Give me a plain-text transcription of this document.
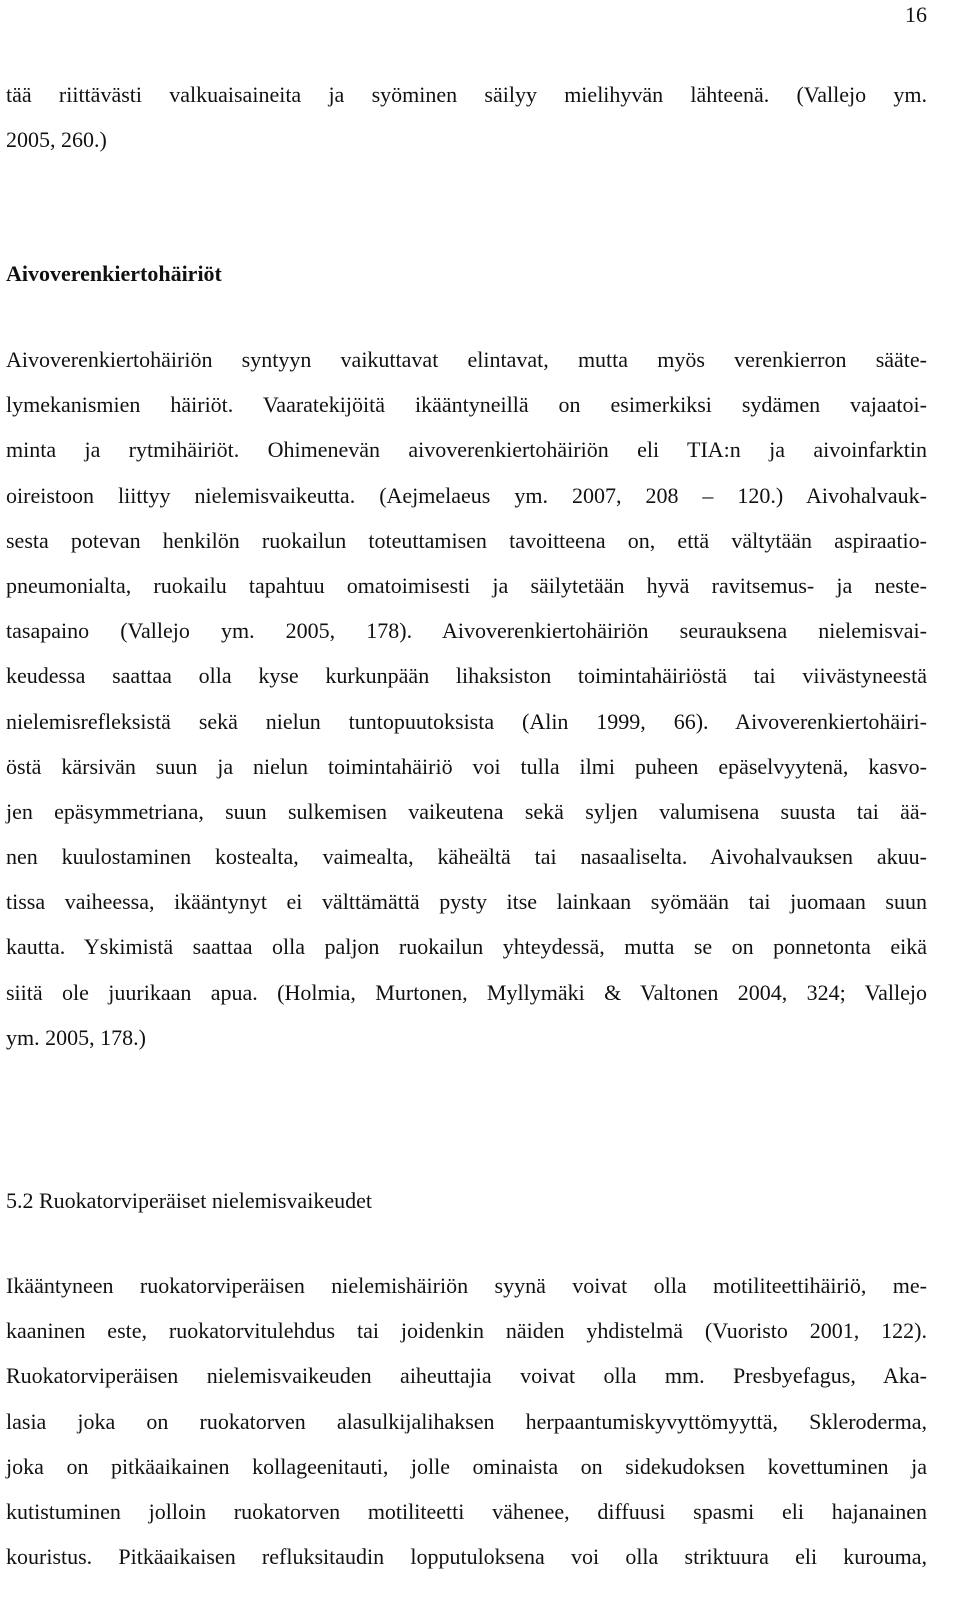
16
tää riittävästi valkuaisaineita ja syöminen säilyy mielihyvän lähteenä. (Vallejo ym.
2005, 260.)
Aivoverenkiertohäiriöt
Aivoverenkiertohäiriön syntyyn vaikuttavat elintavat, mutta myös verenkierron sääte-
lymekanismien häiriöt. Vaaratekijöitä ikääntyneillä on esimerkiksi sydämen vajaatoi-
minta ja rytmihäiriöt. Ohimenevän aivoverenkiertohäiriön eli TIA:n ja aivoinfarktin
oireistoon liittyy nielemisvaikeutta. (Aejmelaeus ym. 2007, 208 – 120.) Aivohalvauk-
sesta potevan henkilön ruokailun toteuttamisen tavoitteena on, että vältytään aspiraatio-
pneumonialta, ruokailu tapahtuu omatoimisesti ja säilytetään hyvä ravitsemus- ja neste-
tasapaino (Vallejo ym. 2005, 178). Aivoverenkiertohäiriön seurauksena nielemisvai-
keudessa saattaa olla kyse kurkunpään lihaksiston toimintahäiriöstä tai viivästyneestä
nielemisrefleksistä sekä nielun tuntopuutoksista (Alin 1999, 66). Aivoverenkiertohäiri-
östä kärsivän suun ja nielun toimintahäiriö voi tulla ilmi puheen epäselvyytenä, kasvo-
jen epäsymmetriana, suun sulkemisen vaikeutena sekä syljen valumisena suusta tai ää-
nen kuulostaminen kostealta, vaimealta, käheältä tai nasaaliselta. Aivohalvauksen akuu-
tissa vaiheessa, ikääntynyt ei välttämättä pysty itse lainkaan syömään tai juomaan suun
kautta. Yskimistä saattaa olla paljon ruokailun yhteydessä, mutta se on ponnetonta eikä
siitä ole juurikaan apua. (Holmia, Murtonen, Myllymäki & Valtonen 2004, 324; Vallejo
ym. 2005, 178.)
5.2 Ruokatorviperäiset nielemisvaikeudet
Ikääntyneen ruokatorviperäisen nielemishäiriön syynä voivat olla motiliteettihäiriö, me-
kaaninen este, ruokatorvitulehdus tai joidenkin näiden yhdistelmä (Vuoristo 2001, 122).
Ruokatorviperäisen nielemisvaikeuden aiheuttajia voivat olla mm. Presbyefagus, Aka-
lasia joka on ruokatorven alasulkijalihaksen herpaantumiskyvyttömyyttä, Skleroderma,
joka on pitkäaikainen kollageenitauti, jolle ominaista on sidekudoksen kovettuminen ja
kutistuminen jolloin ruokatorven motiliteetti vähenee, diffuusi spasmi eli hajanainen
kouristus. Pitkäaikaisen refluksitaudin lopputuloksena voi olla striktuura eli kurouma,
